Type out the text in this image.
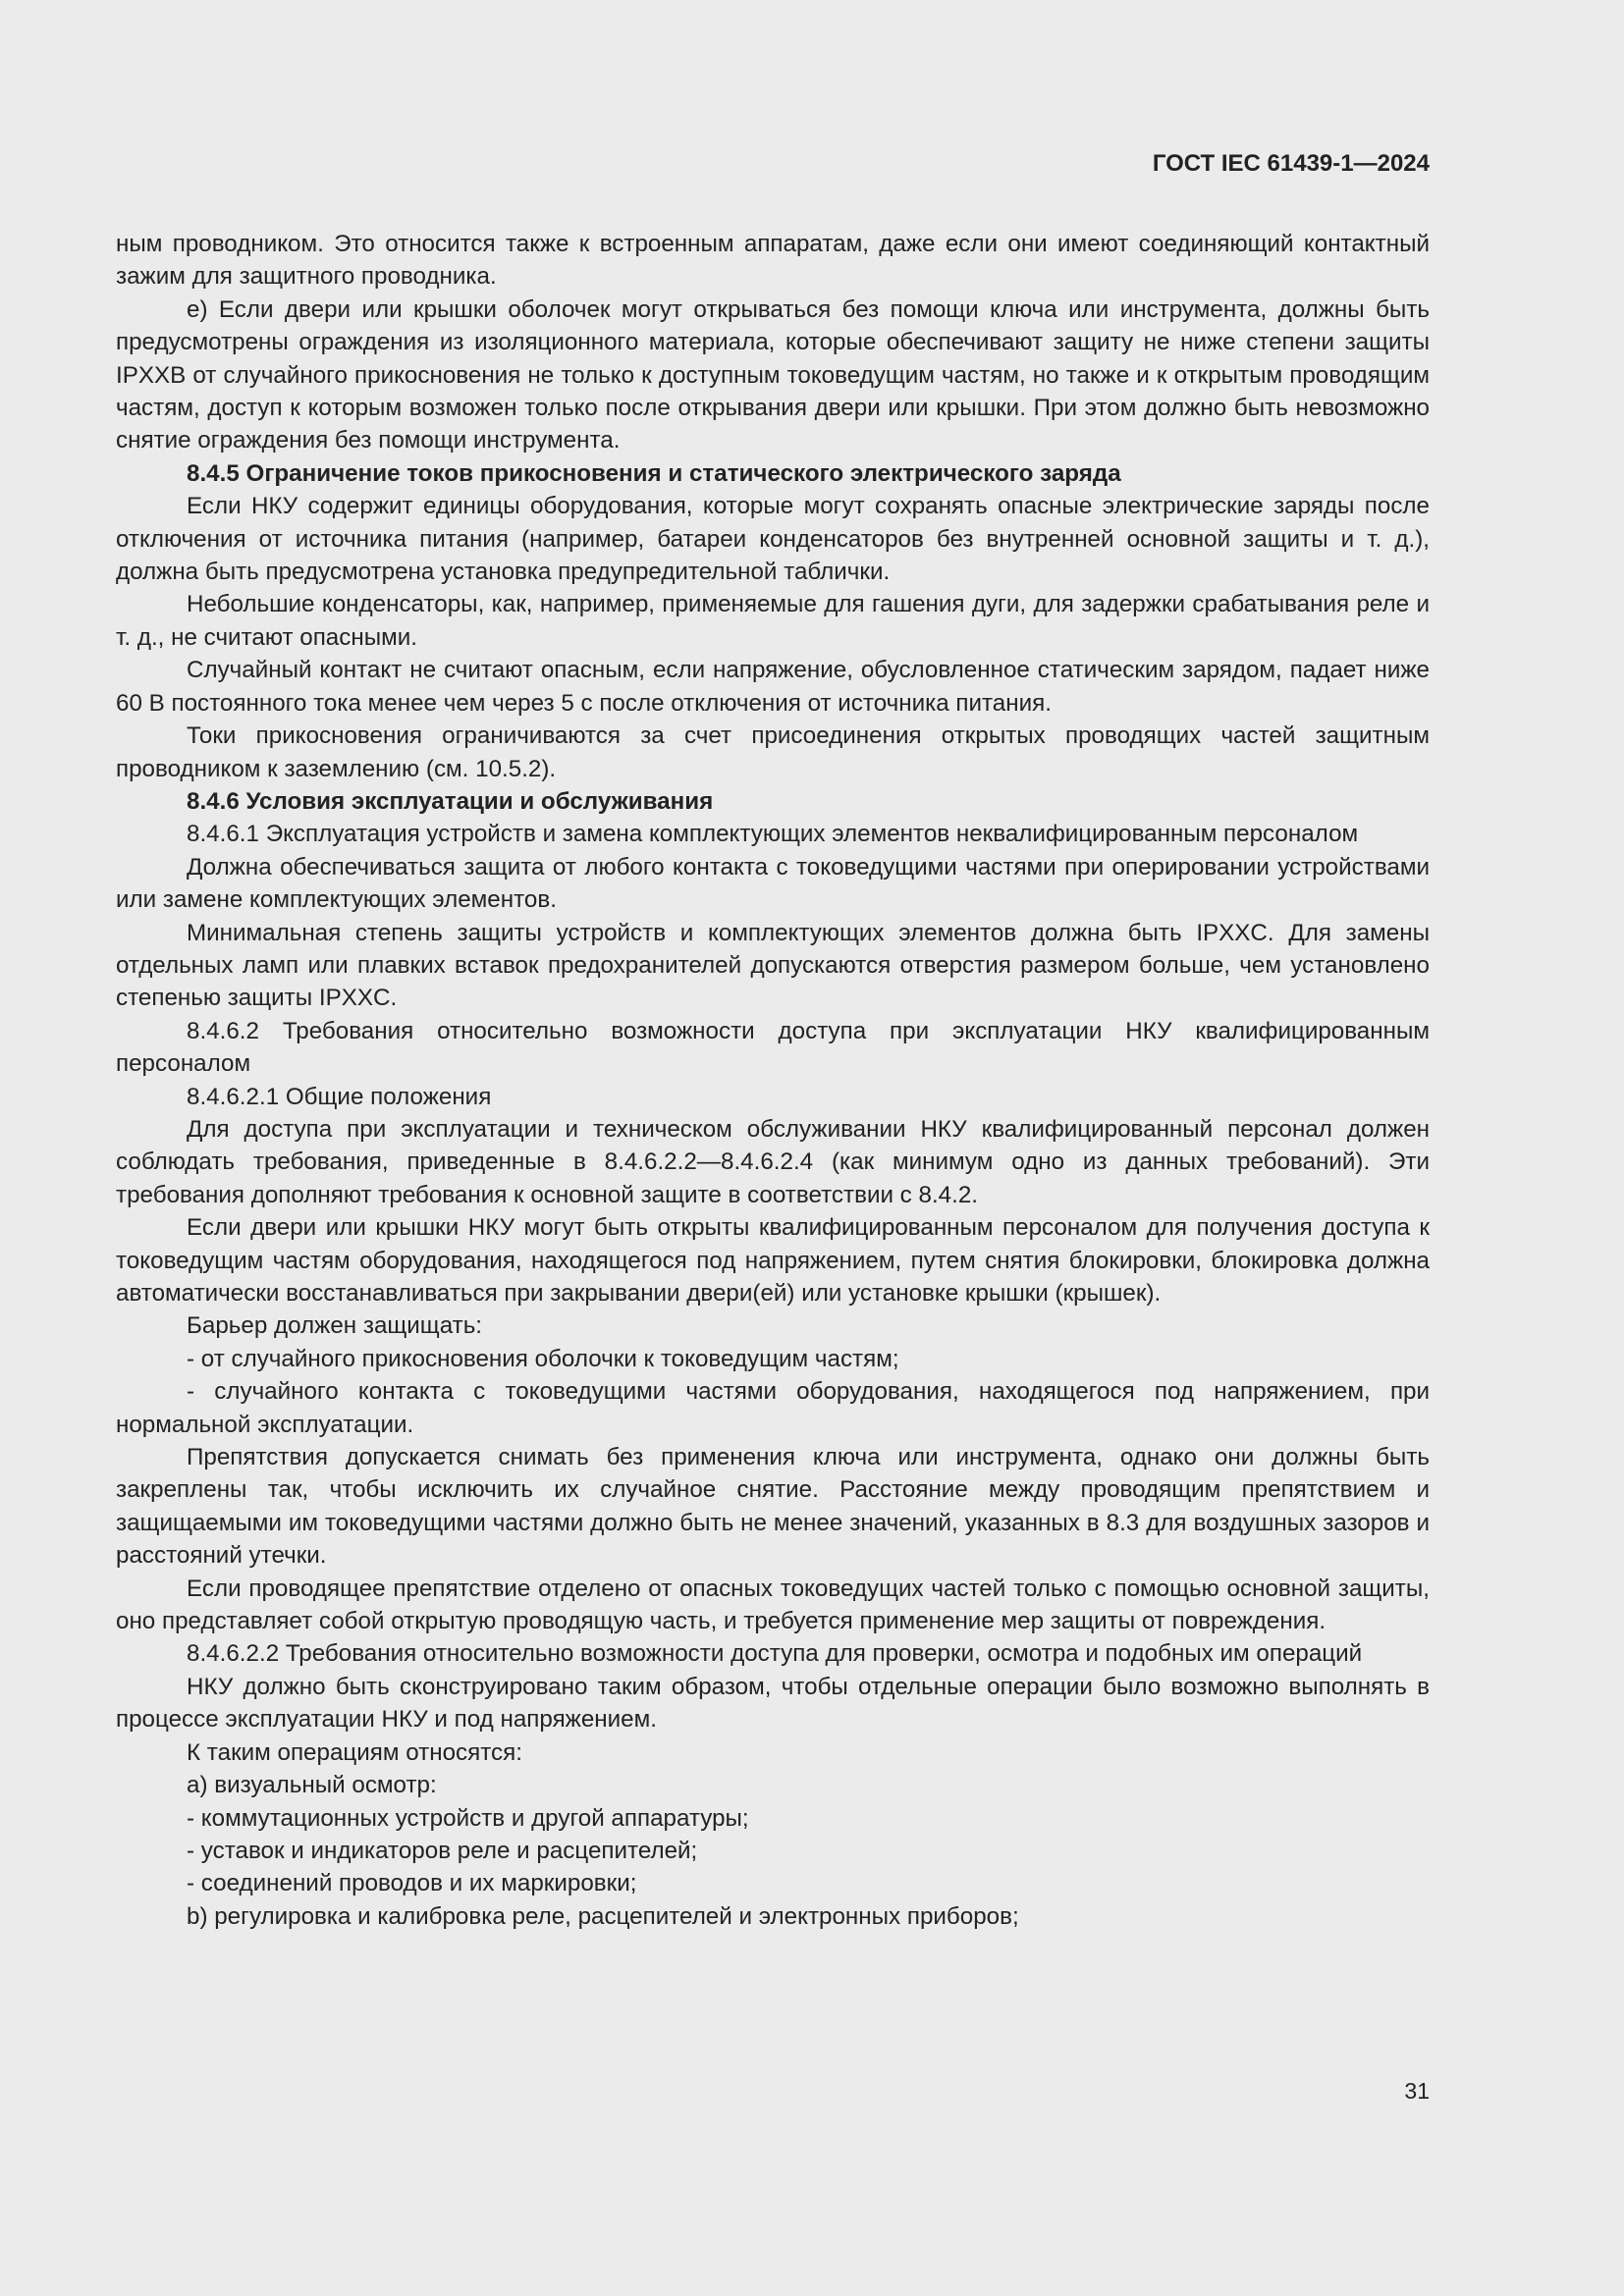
ГОСТ IEC 61439-1—2024

ным проводником. Это относится также к встроенным аппаратам, даже если они имеют соединяющий контактный зажим для защитного проводника.

e) Если двери или крышки оболочек могут открываться без помощи ключа или инструмента, должны быть предусмотрены ограждения из изоляционного материала, которые обеспечивают защиту не ниже степени защиты IPXXB от случайного прикосновения не только к доступным токоведущим частям, но также и к открытым проводящим частям, доступ к которым возможен только после открывания двери или крышки. При этом должно быть невозможно снятие ограждения без помощи инструмента.

8.4.5 Ограничение токов прикосновения и статического электрического заряда

Если НКУ содержит единицы оборудования, которые могут сохранять опасные электрические заряды после отключения от источника питания (например, батареи конденсаторов без внутренней основной защиты и т. д.), должна быть предусмотрена установка предупредительной таблички.

Небольшие конденсаторы, как, например, применяемые для гашения дуги, для задержки срабатывания реле и т. д., не считают опасными.

Случайный контакт не считают опасным, если напряжение, обусловленное статическим зарядом, падает ниже 60 В постоянного тока менее чем через 5 с после отключения от источника питания.

Токи прикосновения ограничиваются за счет присоединения открытых проводящих частей защитным проводником к заземлению (см. 10.5.2).

8.4.6 Условия эксплуатации и обслуживания

8.4.6.1 Эксплуатация устройств и замена комплектующих элементов неквалифицированным персоналом

Должна обеспечиваться защита от любого контакта с токоведущими частями при оперировании устройствами или замене комплектующих элементов.

Минимальная степень защиты устройств и комплектующих элементов должна быть IPXXC. Для замены отдельных ламп или плавких вставок предохранителей допускаются отверстия размером больше, чем установлено степенью защиты IPXXC.

8.4.6.2 Требования относительно возможности доступа при эксплуатации НКУ квалифицированным персоналом

8.4.6.2.1 Общие положения

Для доступа при эксплуатации и техническом обслуживании НКУ квалифицированный персонал должен соблюдать требования, приведенные в 8.4.6.2.2—8.4.6.2.4 (как минимум одно из данных требований). Эти требования дополняют требования к основной защите в соответствии с 8.4.2.

Если двери или крышки НКУ могут быть открыты квалифицированным персоналом для получения доступа к токоведущим частям оборудования, находящегося под напряжением, путем снятия блокировки, блокировка должна автоматически восстанавливаться при закрывании двери(ей) или установке крышки (крышек).

Барьер должен защищать:

- от случайного прикосновения оболочки к токоведущим частям;

- случайного контакта с токоведущими частями оборудования, находящегося под напряжением, при нормальной эксплуатации.

Препятствия допускается снимать без применения ключа или инструмента, однако они должны быть закреплены так, чтобы исключить их случайное снятие. Расстояние между проводящим препятствием и защищаемыми им токоведущими частями должно быть не менее значений, указанных в 8.3 для воздушных зазоров и расстояний утечки.

Если проводящее препятствие отделено от опасных токоведущих частей только с помощью основной защиты, оно представляет собой открытую проводящую часть, и требуется применение мер защиты от повреждения.

8.4.6.2.2 Требования относительно возможности доступа для проверки, осмотра и подобных им операций

НКУ должно быть сконструировано таким образом, чтобы отдельные операции было возможно выполнять в процессе эксплуатации НКУ и под напряжением.

К таким операциям относятся:

a) визуальный осмотр:

- коммутационных устройств и другой аппаратуры;

- уставок и индикаторов реле и расцепителей;

- соединений проводов и их маркировки;

b) регулировка и калибровка реле, расцепителей и электронных приборов;

31
